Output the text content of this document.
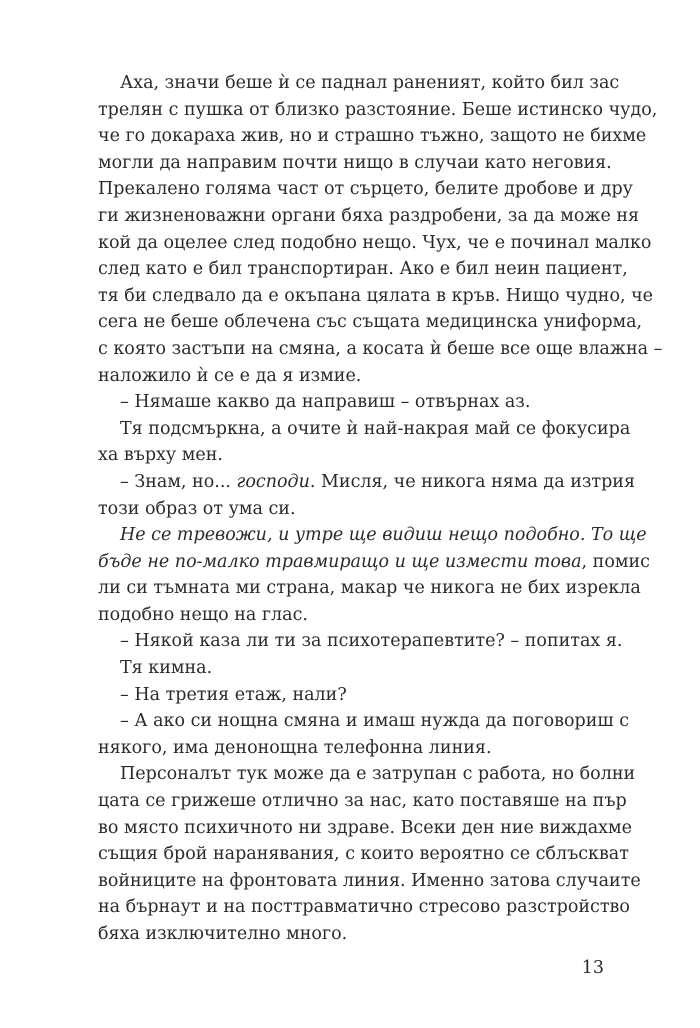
Аха, значи беше ѝ се паднал раненият, който бил зас
трелян с пушка от близко разстояние. Беше истинско чудо,
че го докараха жив, но и страшно тъжно, защото не бихме
могли да направим почти нищо в случаи като неговия.
Прекалено голяма част от сърцето, белите дробове и дру
ги жизненоважни органи бяха раздробени, за да може ня
кой да оцелее след подобно нещо. Чух, че е починал малко
след като е бил транспортиран. Ако е бил неин пациент,
тя би следвало да е окъпана цялата в кръв. Нищо чудно, че
сега не беше облечена със същата медицинска униформа,
с която застъпи на смяна, а косата ѝ беше все още влажна –
наложило ѝ се е да я измие.
– Нямаше какво да направиш – отвърнах аз.
Тя подсмъркна, а очите ѝ най-накрая май се фокусира
ха върху мен.
– Знам, но... господи. Мисля, че никога няма да изтрия
този образ от ума си.
Не се тревожи, и утре ще видиш нещо подобно. То ще
бъде не по-малко травмиращо и ще измести това, помис
ли си тъмната ми страна, макар че никога не бих изрекла
подобно нещо на глас.
– Някой каза ли ти за психотерапевтите? – попитах я.
Тя кимна.
– На третия етаж, нали?
– А ако си нощна смяна и имаш нужда да поговориш с
някого, има денонощна телефонна линия.
Персоналът тук може да е затрупан с работа, но болни
цата се грижеше отлично за нас, като поставяше на пър
во място психичното ни здраве. Всеки ден ние виждахме
същия брой наранявания, с които вероятно се сблъскват
войниците на фронтовата линия. Именно затова случаите
на бърнаут и на посттравматично стресово разстройство
бяха изключително много.
13
